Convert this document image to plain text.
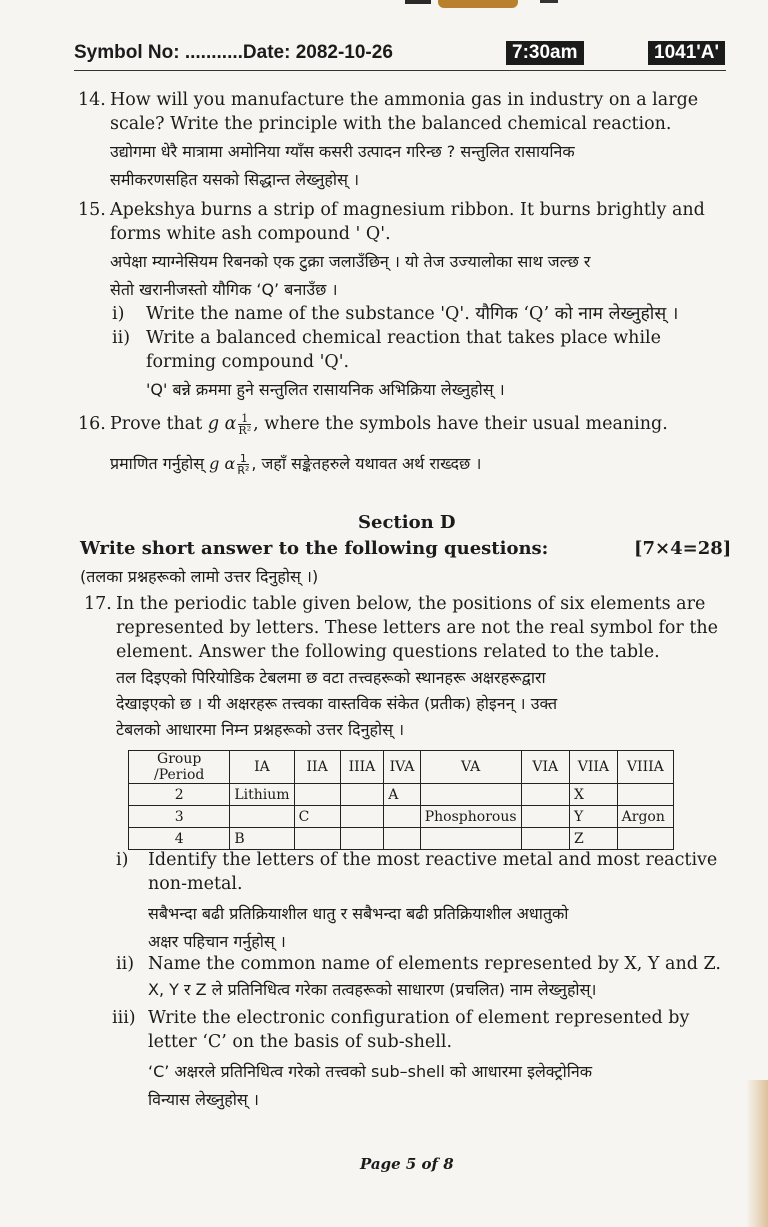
Symbol No: ...........Date: 2082-10-26	7:30am	1041'A'
14. How will you manufacture the ammonia gas in industry on a large
scale? Write the principle with the balanced chemical reaction.
उद्योगमा धेरै मात्रामा अमोनिया ग्याँस कसरी उत्पादन गरिन्छ ? सन्तुलित रासायनिक
समीकरणसहित यसको सिद्धान्त लेख्नुहोस् ।
15. Apekshya burns a strip of magnesium ribbon. It burns brightly and
forms white ash compound ' Q'.
अपेक्षा म्याग्नेसियम रिबनको एक टुक्रा जलाउँछिन् । यो तेज उज्यालोका साथ जल्छ र
सेतो खरानीजस्तो यौगिक ‘Q’ बनाउँछ ।
i) Write the name of the substance 'Q'. यौगिक ‘Q’ को नाम लेख्नुहोस् ।
ii) Write a balanced chemical reaction that takes place while
forming compound 'Q'.
'Q' बन्ने क्रममा हुने सन्तुलित रासायनिक अभिक्रिया लेख्नुहोस् ।
16. Prove that g α $\frac{1}{\text{R²}}$ , where the symbols have their usual meaning.
प्रमाणित गर्नुहोस् g α $\frac{1}{\text{R²}}$ , जहाँ सङ्केतहरुले यथावत अर्थ राख्दछ ।
Section D
Write short answer to the following questions:	[7×4=28]
(तलका प्रश्नहरूको लामो उत्तर दिनुहोस् ।)
17. In the periodic table given below, the positions of six elements are
represented by letters. These letters are not the real symbol for the
element. Answer the following questions related to the table.
तल दिइएको पिरियोडिक टेबलमा छ वटा तत्त्वहरूको स्थानहरू अक्षरहरूद्वारा
देखाइएको छ । यी अक्षरहरू तत्त्वका वास्तविक संकेत (प्रतीक) होइनन् । उक्त
टेबलको आधारमा निम्न प्रश्नहरूको उत्तर दिनुहोस् ।
Group /Period	IA	IIA	IIIA	IVA	VA	VIA	VIIA	VIIIA
2	Lithium			A			X	
3		C			Phosphorous		Y	Argon
4	B						Z	
i) Identify the letters of the most reactive metal and most reactive
non-metal.
सबैभन्दा बढी प्रतिक्रियाशील धातु र सबैभन्दा बढी प्रतिक्रियाशील अधातुको
अक्षर पहिचान गर्नुहोस् ।
ii) Name the common name of elements represented by X, Y and Z.
X, Y र Z ले प्रतिनिधित्व गरेका तत्वहरूको साधारण (प्रचलित) नाम लेख्नुहोस्।
iii) Write the electronic configuration of element represented by
letter ‘C’ on the basis of sub-shell.
‘C’ अक्षरले प्रतिनिधित्व गरेको तत्त्वको sub–shell को आधारमा इलेक्ट्रोनिक
विन्यास लेख्नुहोस् ।
Page 5 of 8
